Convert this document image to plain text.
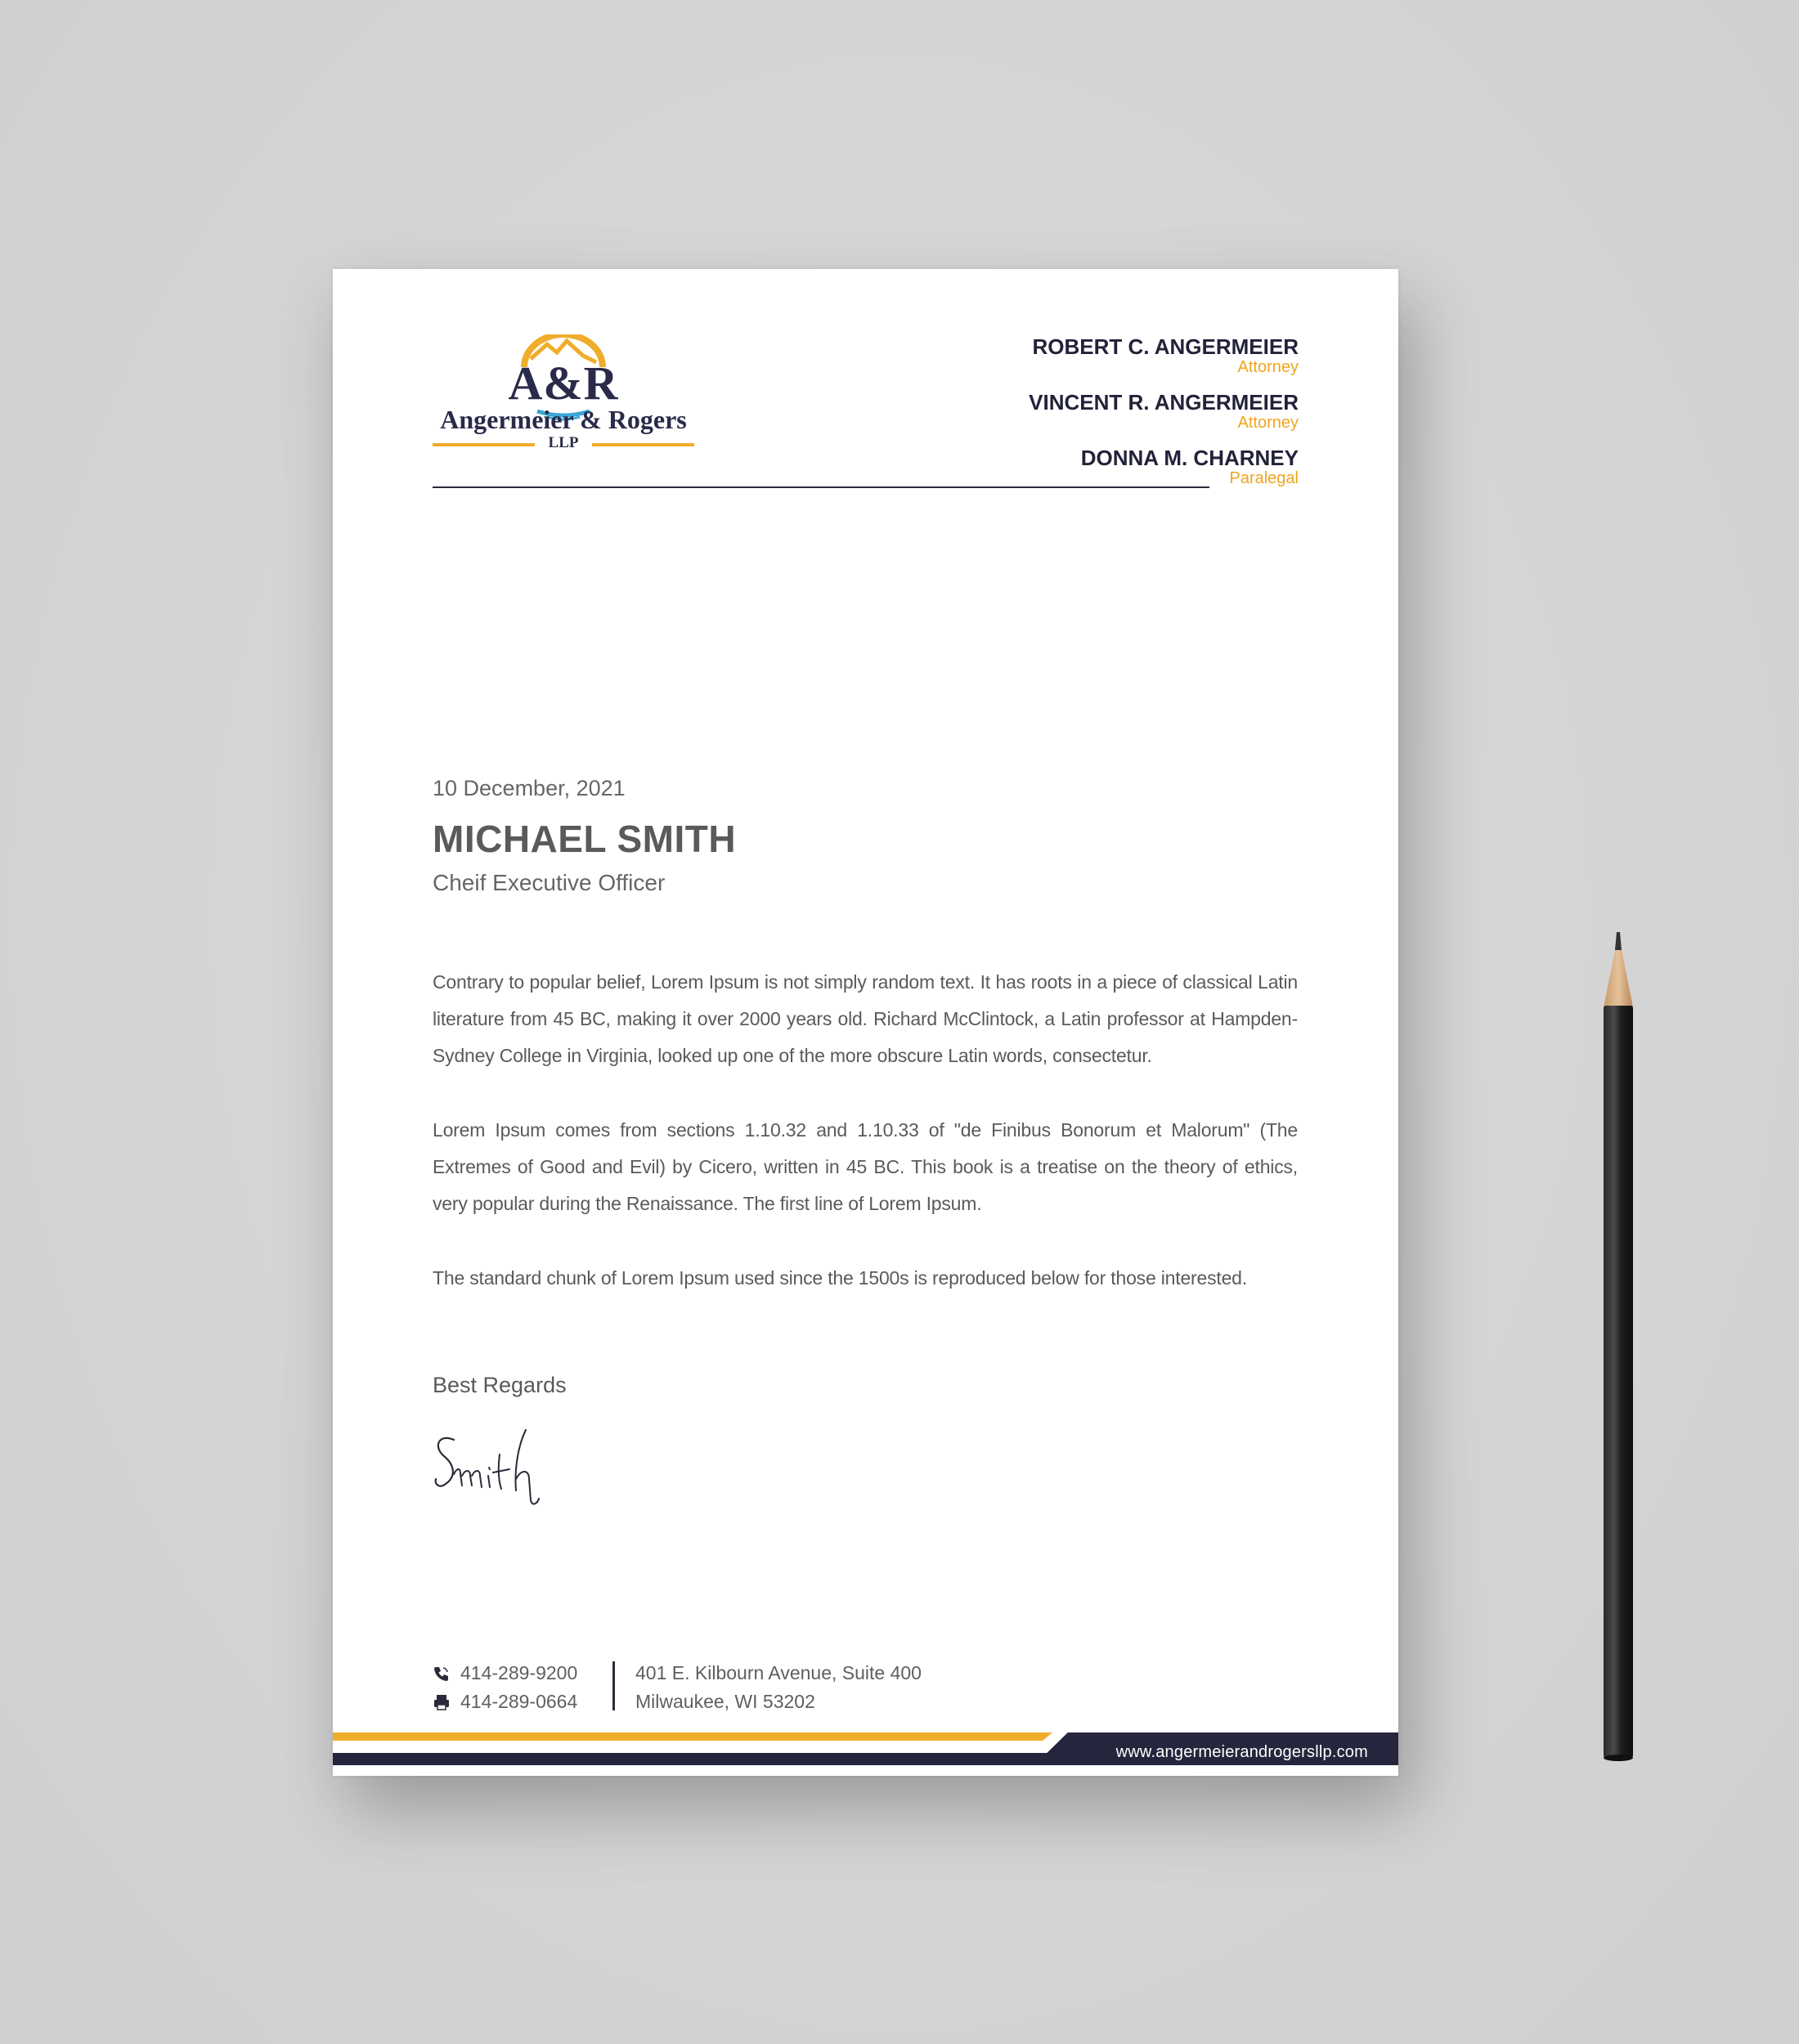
A&R
Angermeier & Rogers
LLP
ROBERT C. ANGERMEIER
Attorney
VINCENT R. ANGERMEIER
Attorney
DONNA M. CHARNEY
Paralegal
10 December, 2021
MICHAEL SMITH
Cheif Executive Officer

Contrary to popular belief, Lorem Ipsum is not simply random text. It has roots in a piece of classical Latin literature from 45 BC, making it over 2000 years old. Richard McClintock, a Latin professor at Hampden-Sydney College in Virginia, looked up one of the more obscure Latin words, consectetur.

Lorem Ipsum comes from sections 1.10.32 and 1.10.33 of "de Finibus Bonorum et Malorum" (The Extremes of Good and Evil) by Cicero, written in 45 BC. This book is a treatise on the theory of ethics, very popular during the Renaissance. The first line of Lorem Ipsum.

The standard chunk of Lorem Ipsum used since the 1500s is reproduced below for those interested.

Best Regards
414-289-9200
414-289-0664
401 E. Kilbourn Avenue, Suite 400
Milwaukee, WI 53202
www.angermeierandrogersllp.com
